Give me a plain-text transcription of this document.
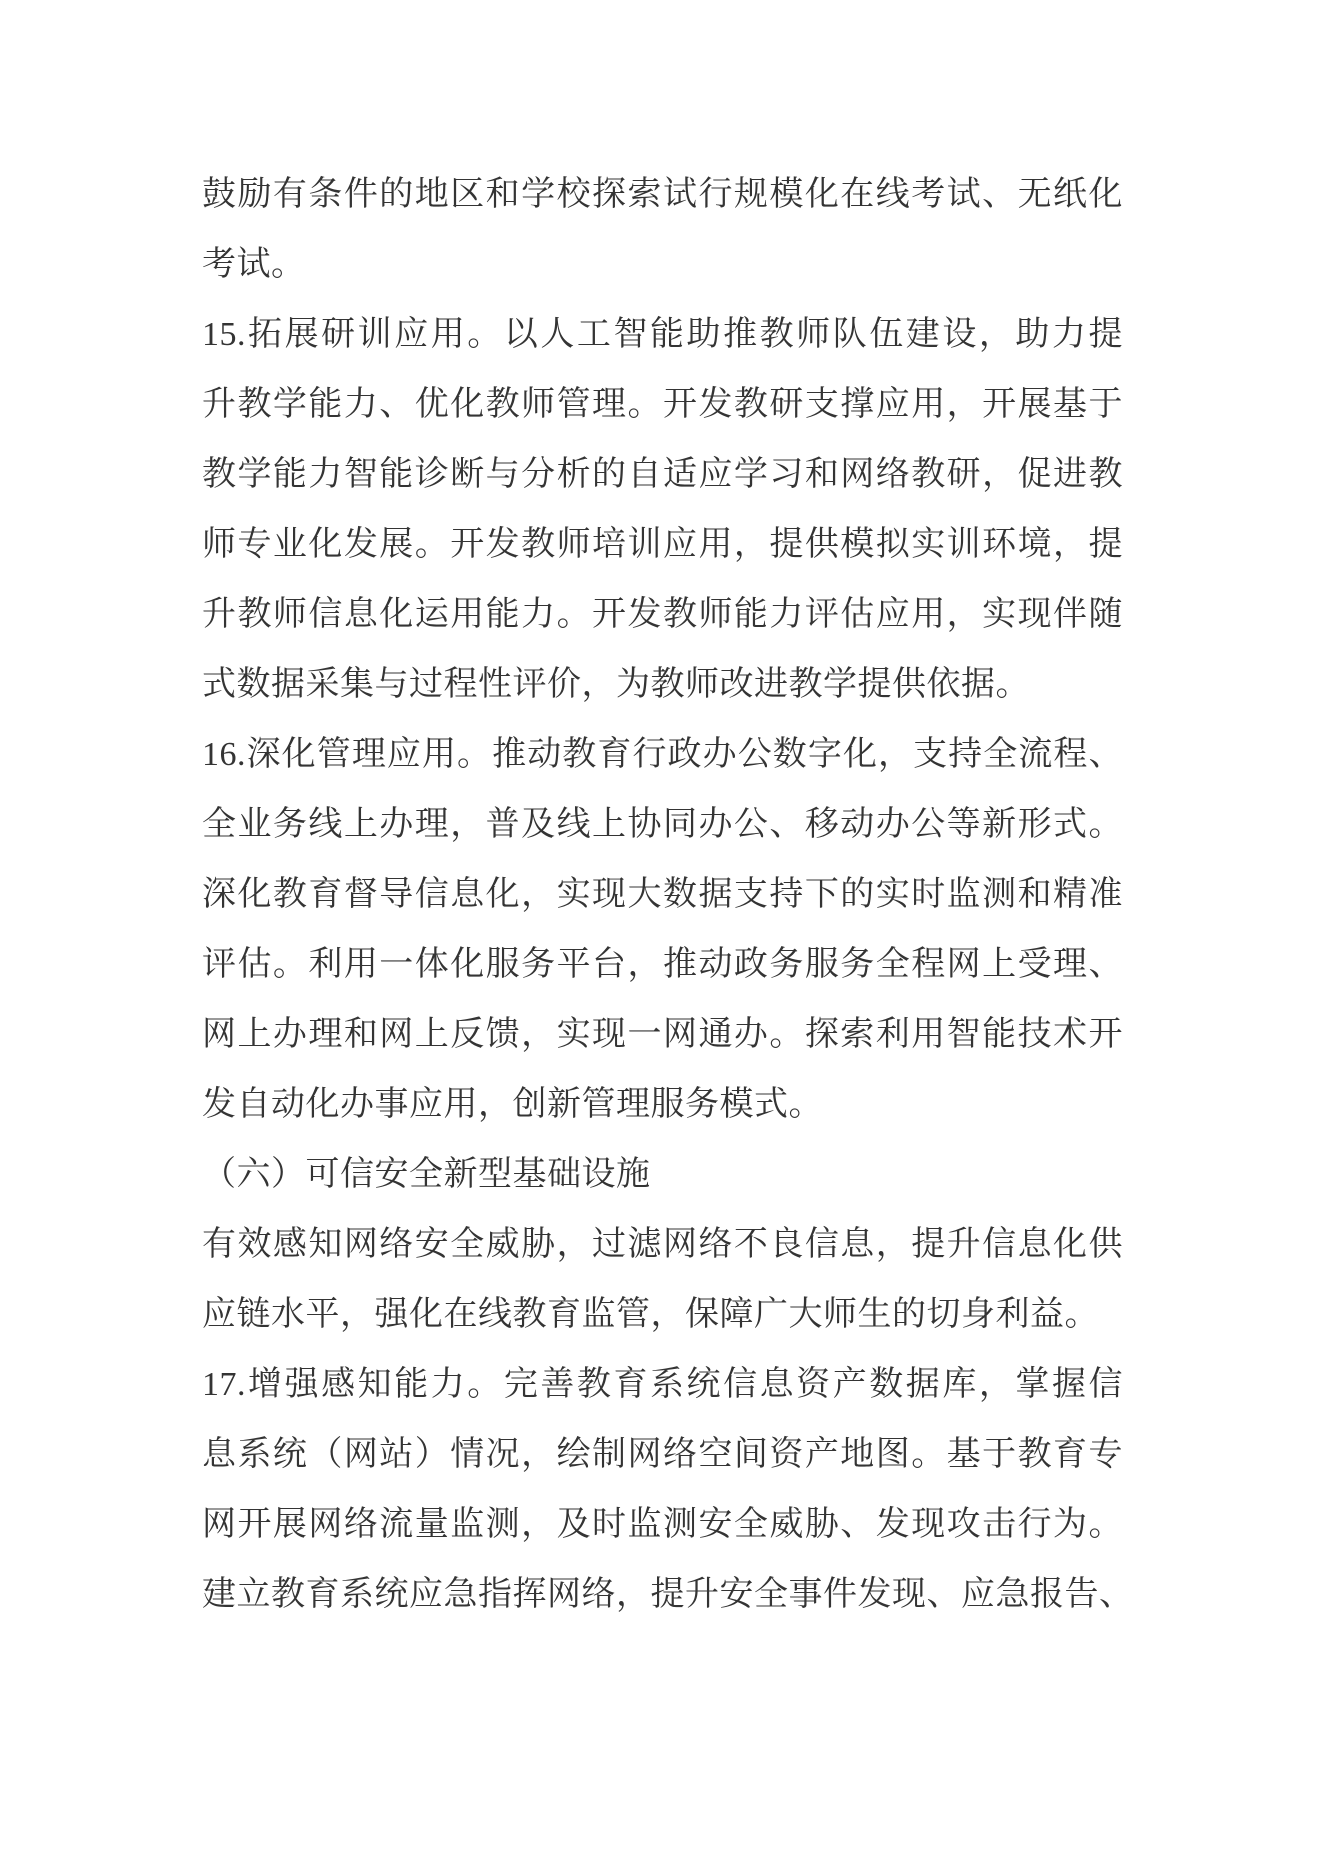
鼓励有条件的地区和学校探索试行规模化在线考试、无纸化
考试。
15.拓展研训应用。以人工智能助推教师队伍建设，助力提
升教学能力、优化教师管理。开发教研支撑应用，开展基于
教学能力智能诊断与分析的自适应学习和网络教研，促进教
师专业化发展。开发教师培训应用，提供模拟实训环境，提
升教师信息化运用能力。开发教师能力评估应用，实现伴随
式数据采集与过程性评价，为教师改进教学提供依据。
16.深化管理应用。推动教育行政办公数字化，支持全流程、
全业务线上办理，普及线上协同办公、移动办公等新形式。
深化教育督导信息化，实现大数据支持下的实时监测和精准
评估。利用一体化服务平台，推动政务服务全程网上受理、
网上办理和网上反馈，实现一网通办。探索利用智能技术开
发自动化办事应用，创新管理服务模式。
（六）可信安全新型基础设施
有效感知网络安全威胁，过滤网络不良信息，提升信息化供
应链水平，强化在线教育监管，保障广大师生的切身利益。
17.增强感知能力。完善教育系统信息资产数据库，掌握信
息系统（网站）情况，绘制网络空间资产地图。基于教育专
网开展网络流量监测，及时监测安全威胁、发现攻击行为。
建立教育系统应急指挥网络，提升安全事件发现、应急报告、
